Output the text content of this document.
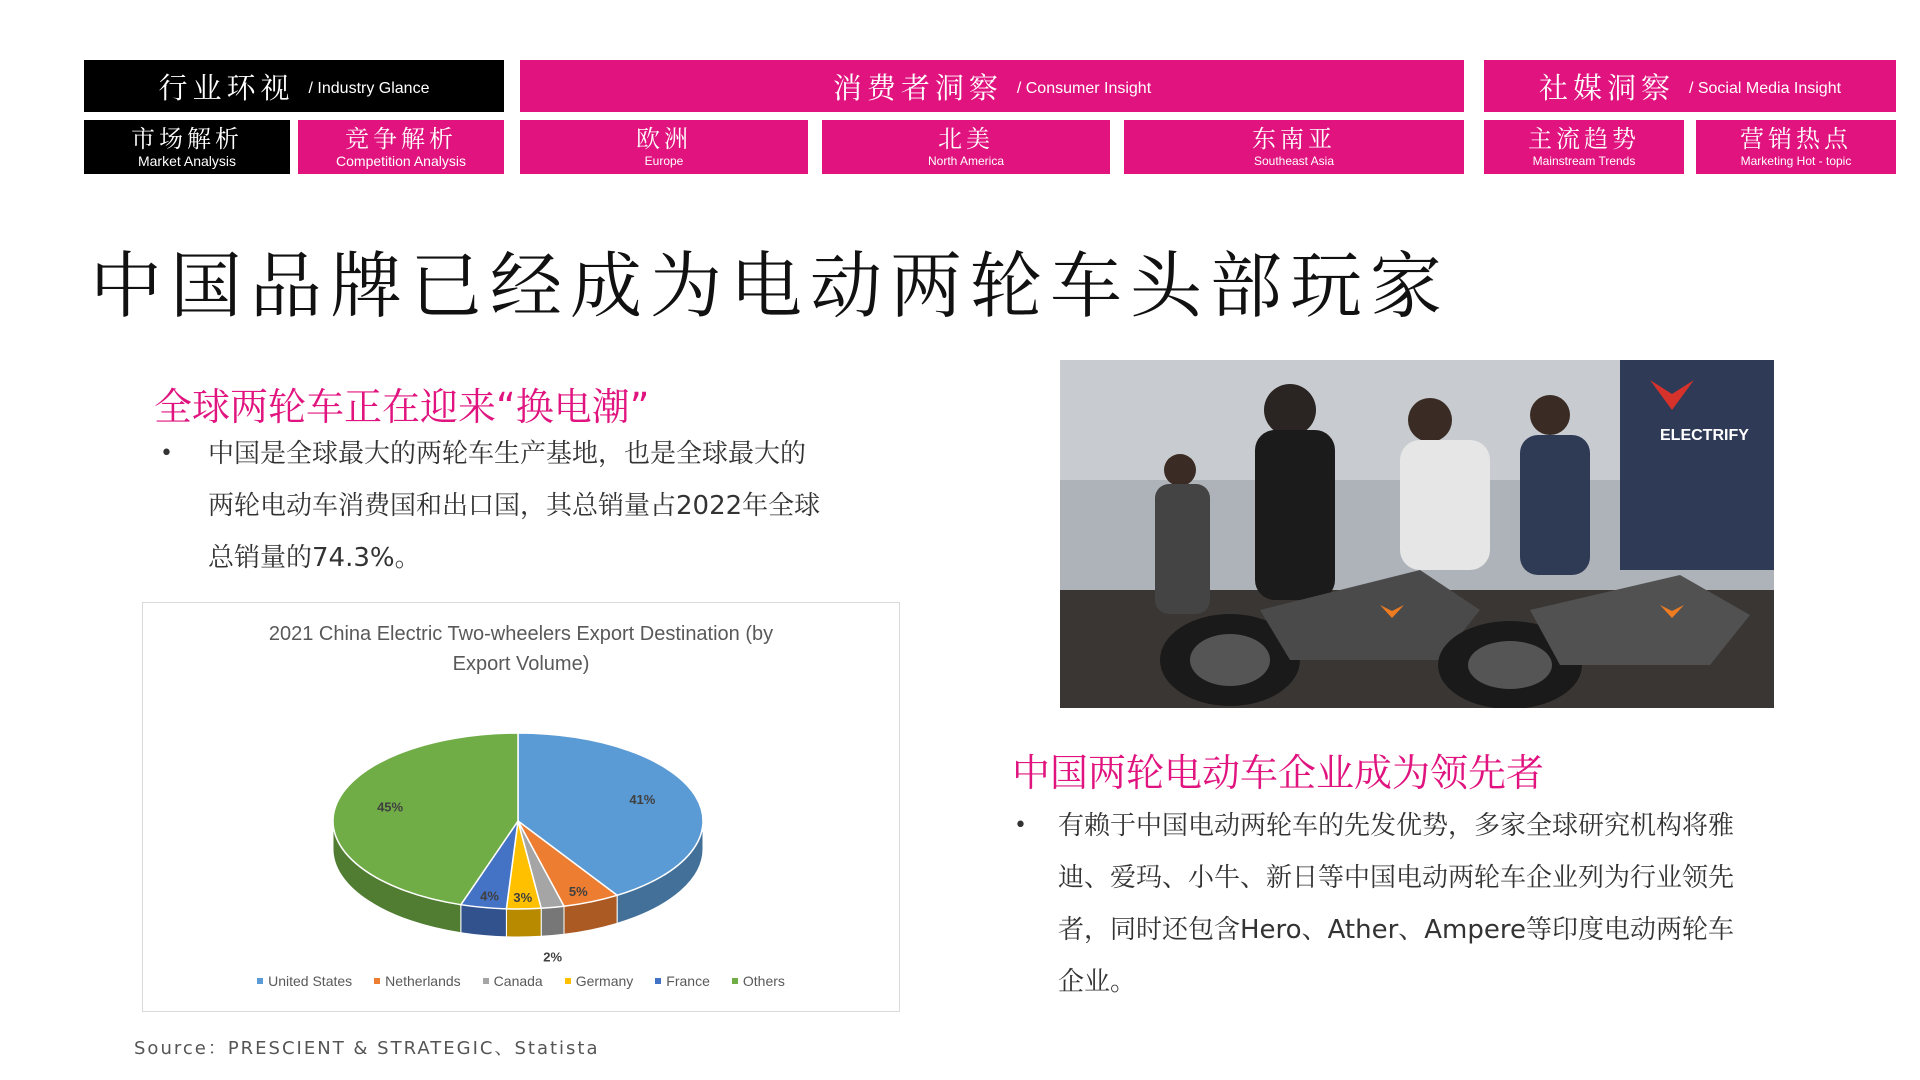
行业环视 / Industry Glance	消费者洞察 / Consumer Insight	社媒洞察 / Social Media Insight
市场解析
Market Analysis
竞争解析
Competition Analysis
欧洲
Europe
北美
North America
东南亚
Southeast Asia
主流趋势
Mainstream Trends
营销热点
Marketing Hot - topic
中国品牌已经成为电动两轮车头部玩家
全球两轮车正在迎来“换电潮”
• 中国是全球最大的两轮车生产基地，也是全球最大的
两轮电动车消费国和出口国，其总销量占2022年全球
总销量的74.3%。
2021 China Electric Two-wheelers Export Destination (by
Export Volume)
41%
5%
2%
3%
4%
45%
United States Netherlands Canada Germany France Others
Source：PRESCIENT & STRATEGIC、Statista
ELECTRIFY
中国两轮电动车企业成为领先者
• 有赖于中国电动两轮车的先发优势，多家全球研究机构将雅
迪、爱玛、小牛、新日等中国电动两轮车企业列为行业领先
者，同时还包含Hero、Ather、Ampere等印度电动两轮车
企业。
